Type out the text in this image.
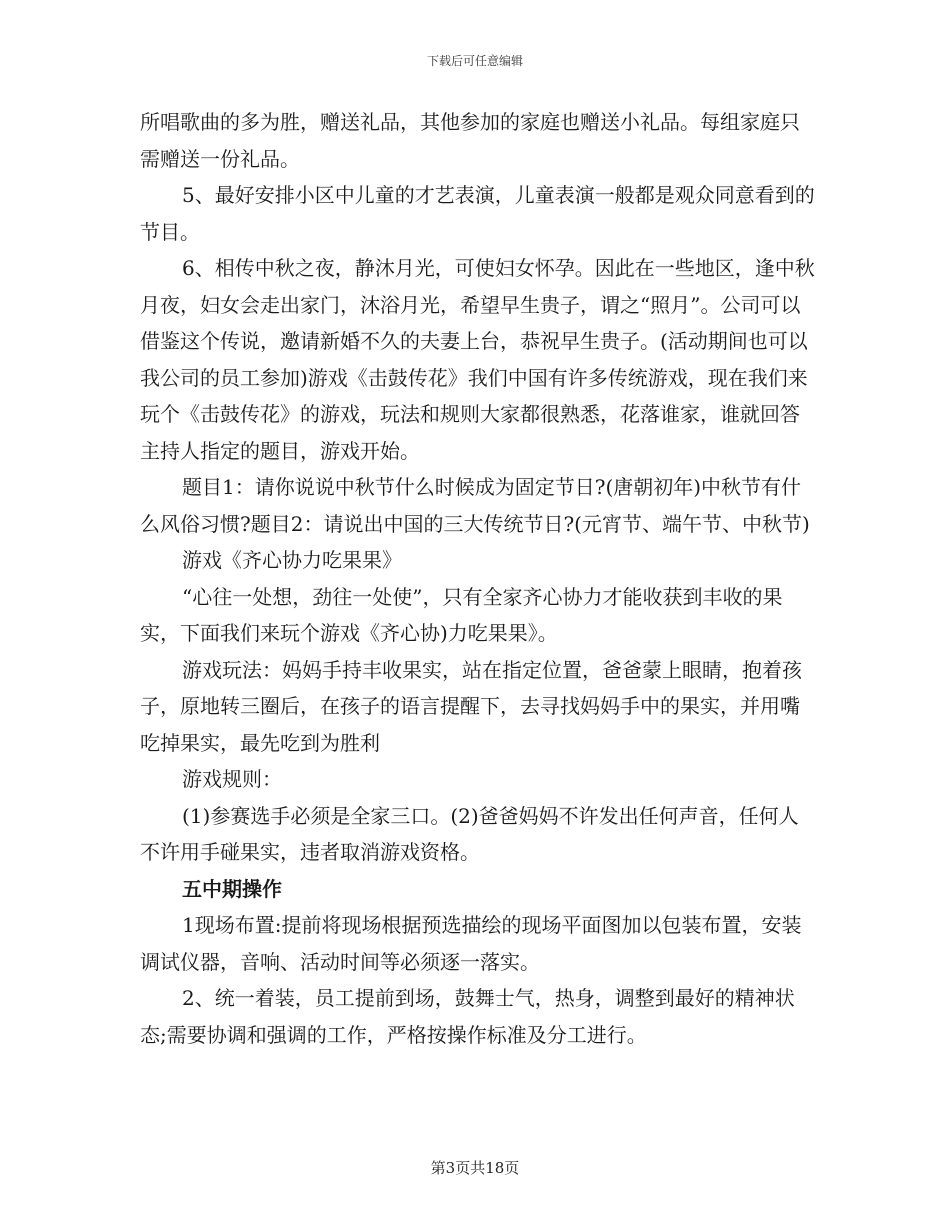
下载后可任意编辑

所唱歌曲的多为胜，赠送礼品，其他参加的家庭也赠送小礼品。每组家庭只需赠送一份礼品。

5、最好安排小区中儿童的才艺表演，儿童表演一般都是观众同意看到的节目。

6、相传中秋之夜，静沐月光，可使妇女怀孕。因此在一些地区，逢中秋月夜，妇女会走出家门，沐浴月光，希望早生贵子，谓之“照月”。公司可以借鉴这个传说，邀请新婚不久的夫妻上台，恭祝早生贵子。(活动期间也可以我公司的员工参加)游戏《击鼓传花》我们中国有许多传统游戏，现在我们来玩个《击鼓传花》的游戏，玩法和规则大家都很熟悉，花落谁家，谁就回答主持人指定的题目，游戏开始。

题目1：请你说说中秋节什么时候成为固定节日?(唐朝初年)中秋节有什么风俗习惯?题目2：请说出中国的三大传统节日?(元宵节、端午节、中秋节)

游戏《齐心协力吃果果》

“心往一处想，劲往一处使”，只有全家齐心协力才能收获到丰收的果实，下面我们来玩个游戏《齐心协)力吃果果》。

游戏玩法：妈妈手持丰收果实，站在指定位置，爸爸蒙上眼睛，抱着孩子，原地转三圈后，在孩子的语言提醒下，去寻找妈妈手中的果实，并用嘴吃掉果实，最先吃到为胜利

游戏规则：

(1)参赛选手必须是全家三口。(2)爸爸妈妈不许发出任何声音，任何人不许用手碰果实，违者取消游戏资格。

五中期操作

1现场布置:提前将现场根据预选描绘的现场平面图加以包装布置，安装调试仪器，音响、活动时间等必须逐一落实。

2、统一着装，员工提前到场，鼓舞士气，热身，调整到最好的精神状态;需要协调和强调的工作，严格按操作标准及分工进行。

第3页共18页
